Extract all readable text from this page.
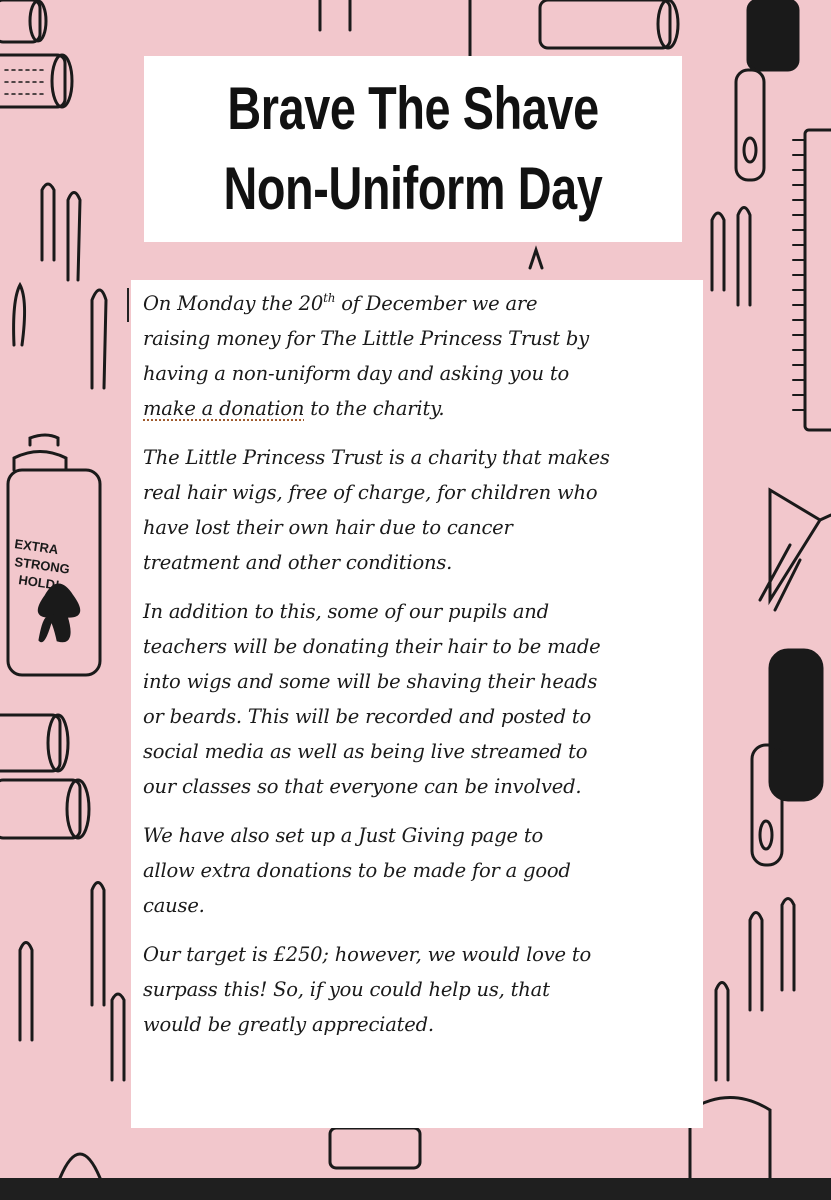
EXTRA
STRONG
HOLD!
Brave The Shave
Non-Uniform Day
On Monday the 20th of December we are
raising money for The Little Princess Trust by
having a non-uniform day and asking you to
make a donation to the charity.
The Little Princess Trust is a charity that makes
real hair wigs, free of charge, for children who
have lost their own hair due to cancer
treatment and other conditions.
In addition to this, some of our pupils and
teachers will be donating their hair to be made
into wigs and some will be shaving their heads
or beards. This will be recorded and posted to
social media as well as being live streamed to
our classes so that everyone can be involved.
We have also set up a Just Giving page to
allow extra donations to be made for a good
cause.
Our target is £250; however, we would love to
surpass this! So, if you could help us, that
would be greatly appreciated.
